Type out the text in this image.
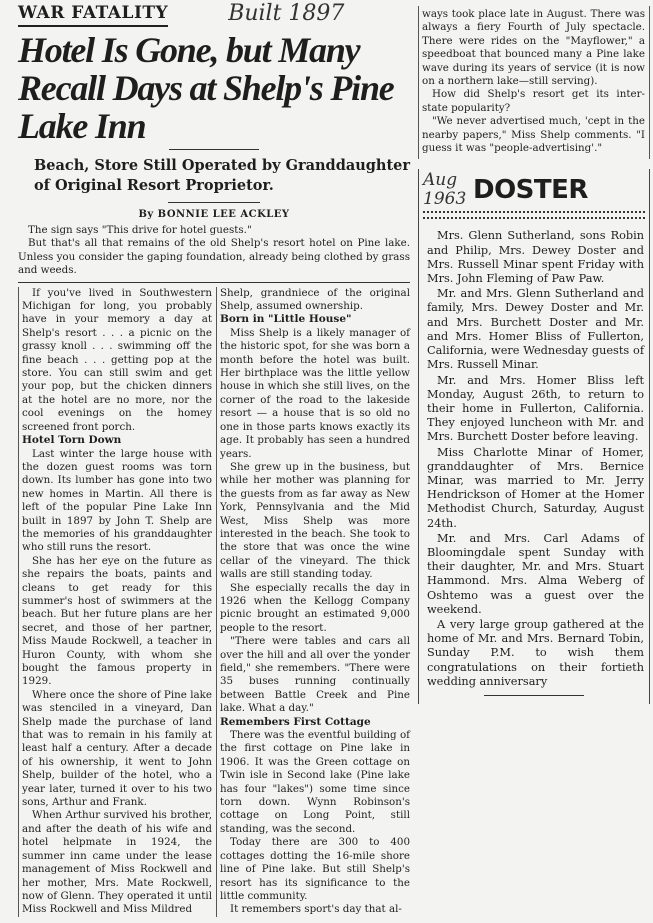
WAR FATALITY	Built 1897
Hotel Is Gone, but Many Recall Days at Shelp's Pine Lake Inn
Beach, Store Still Operated by Granddaughter of Original Resort Proprietor.
By BONNIE LEE ACKLEY

The sign says "This drive for hotel guests."

But that's all that remains of the old Shelp's resort hotel on Pine lake. Unless you consider the gaping foundation, already being clothed by grass and weeds.

If you've lived in Southwestern Michigan for long, you probably have in your memory a day at Shelp's resort . . . a picnic on the grassy knoll . . . swimming off the fine beach . . . getting pop at the store. You can still swim and get your pop, but the chicken dinners at the hotel are no more, nor the cool evenings on the homey screened front porch.

Hotel Torn Down

Last winter the large house with the dozen guest rooms was torn down. Its lumber has gone into two new homes in Martin. All there is left of the popular Pine Lake Inn built in 1897 by John T. Shelp are the memories of his granddaughter who still runs the resort.

She has her eye on the future as she repairs the boats, paints and cleans to get ready for this summer's host of swimmers at the beach. But her future plans are her secret, and those of her partner, Miss Maude Rockwell, a teacher in Huron County, with whom she bought the famous property in 1929.

Where once the shore of Pine lake was stenciled in a vineyard, Dan Shelp made the purchase of land that was to remain in his family at least half a century. After a decade of his ownership, it went to John Shelp, builder of the hotel, who a year later, turned it over to his two sons, Arthur and Frank.

When Arthur survived his brother, and after the death of his wife and hotel helpmate in 1924, the summer inn came under the lease management of Miss Rockwell and her mother, Mrs. Mate Rockwell, now of Glenn. They operated it until Miss Rockwell and Miss Mildred

Shelp, grandniece of the original Shelp, assumed ownership.

Born in "Little House"

Miss Shelp is a likely manager of the historic spot, for she was born a month before the hotel was built. Her birthplace was the little yellow house in which she still lives, on the corner of the road to the lakeside resort — a house that is so old no one in those parts knows exactly its age. It probably has seen a hundred years.

She grew up in the business, but while her mother was planning for the guests from as far away as New York, Pennsylvania and the Mid West, Miss Shelp was more interested in the beach. She took to the store that was once the wine cellar of the vineyard. The thick walls are still standing today.

She especially recalls the day in 1926 when the Kellogg Company picnic brought an estimated 9,000 people to the resort.

"There were tables and cars all over the hill and all over the yonder field," she remembers. "There were 35 buses running continually between Battle Creek and Pine lake. What a day."

Remembers First Cottage

There was the eventful building of the first cottage on Pine lake in 1906. It was the Green cottage on Twin isle in Second lake (Pine lake has four "lakes") some time since torn down. Wynn Robinson's cottage on Long Point, still standing, was the second.

Today there are 300 to 400 cottages dotting the 16-mile shore line of Pine lake. But still Shelp's resort has its significance to the little community.

It remembers sport's day that al-

ways took place late in August. There was always a fiery Fourth of July spectacle. There were rides on the "Mayflower," a speedboat that bounced many a Pine lake wave during its years of service (it is now on a northern lake—still serving).

How did Shelp's resort get its inter-state popularity?

"We never advertised much, 'cept in the nearby papers," Miss Shelp comments. "I guess it was "people-advertising'."

Aug 1963 DOSTER

Mrs. Glenn Sutherland, sons Robin and Philip, Mrs. Dewey Doster and Mrs. Russell Minar spent Friday with Mrs. John Fleming of Paw Paw.

Mr. and Mrs. Glenn Sutherland and family, Mrs. Dewey Doster and Mr. and Mrs. Burchett Doster and Mr. and Mrs. Homer Bliss of Fullerton, California, were Wednesday guests of Mrs. Russell Minar.

Mr. and Mrs. Homer Bliss left Monday, August 26th, to return to their home in Fullerton, California. They enjoyed luncheon with Mr. and Mrs. Burchett Doster before leaving.

Miss Charlotte Minar of Homer, granddaughter of Mrs. Bernice Minar, was married to Mr. Jerry Hendrickson of Homer at the Homer Methodist Church, Saturday, August 24th.

Mr. and Mrs. Carl Adams of Bloomingdale spent Sunday with their daughter, Mr. and Mrs. Stuart Hammond. Mrs. Alma Weberg of Oshtemo was a guest over the weekend.

A very large group gathered at the home of Mr. and Mrs. Bernard Tobin, Sunday P.M. to wish them congratulations on their fortieth wedding anniversary
